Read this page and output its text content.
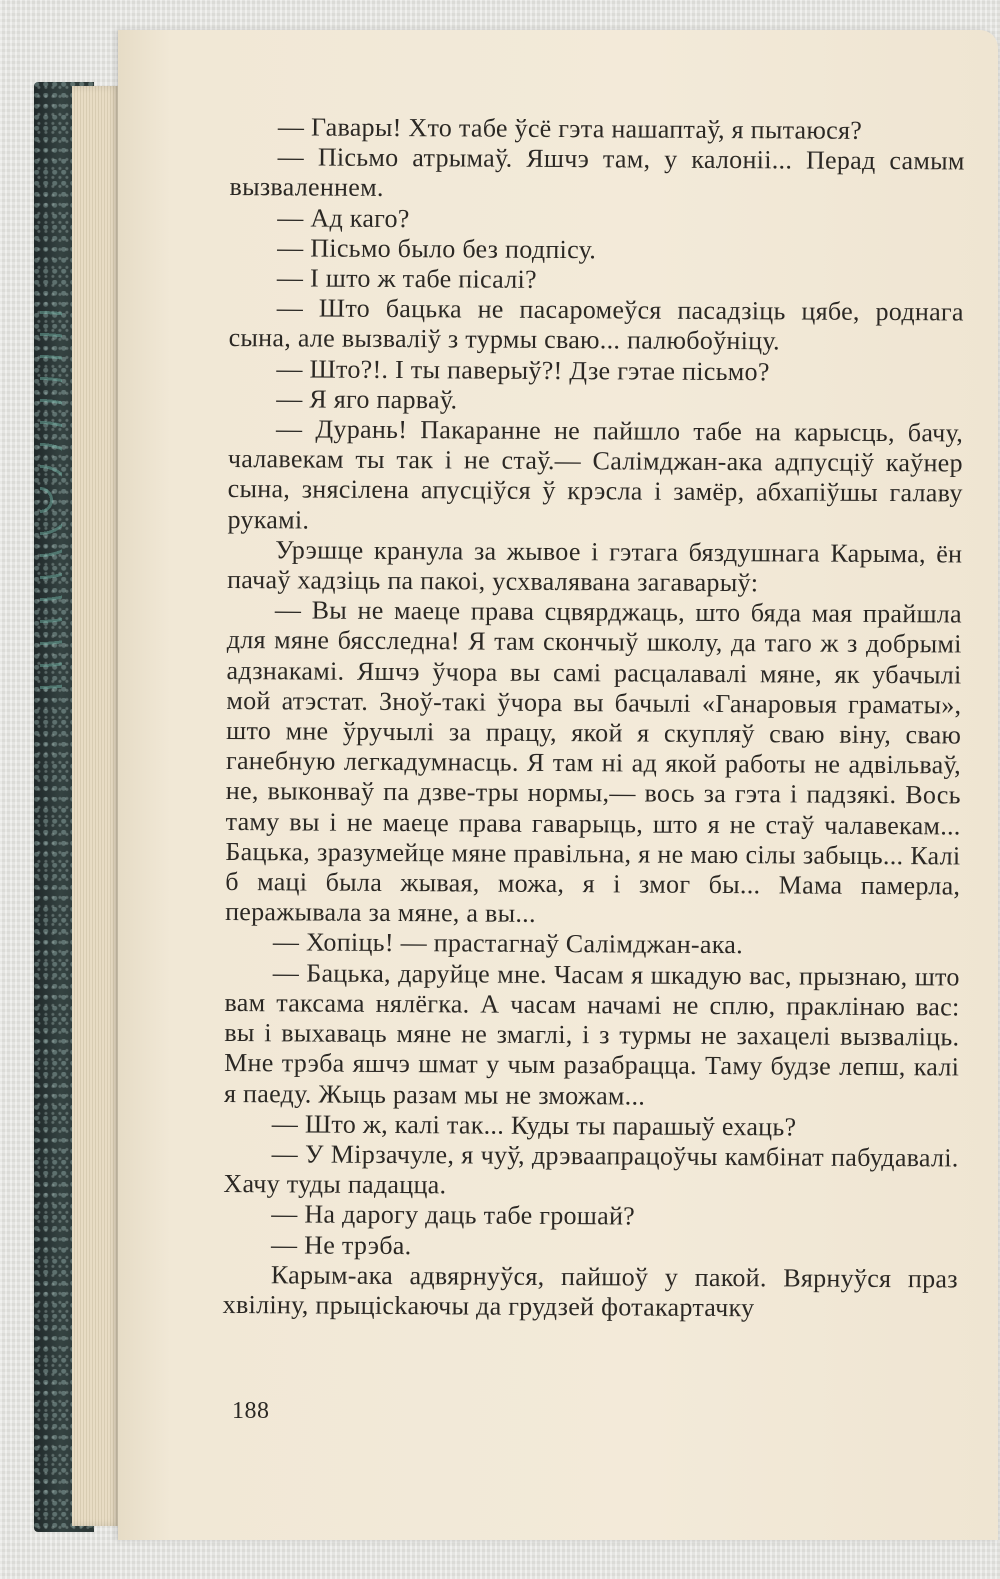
— Гавары! Хто табе ўсё гэта нашаптаў, я пытаюся?

— Пісьмо атрымаў. Яшчэ там, у калоніі... Перад самым вызваленнем.

— Ад каго?

— Пісьмо было без подпісу.

— І што ж табе пісалі?

— Што бацька не пасаромеўся пасадзіць цябе, роднага сына, але вызваліў з турмы сваю... палюбоўніцу.

— Што?!. І ты паверыў?! Дзе гэтае пісьмо?

— Я яго парваў.

— Дурань! Пакаранне не пайшло табе на карысць, бачу, чалавекам ты так і не стаў.— Салімджан-ака адпусціў каўнер сына, знясілена апусціўся ў крэсла і замёр, абхапіўшы галаву рукамі.

Урэшце кранула за жывое і гэтага бяздушнага Карыма, ён пачаў хадзіць па пакоі, усхвалявана загаварыў:

— Вы не маеце права сцвярджаць, што бяда мая прайшла для мяне бясследна! Я там скончыў школу, да таго ж з добрымі адзнакамі. Яшчэ ўчора вы самі расцалавалі мяне, як убачылі мой атэстат. Зноў-такі ўчора вы бачылі «Ганаровыя граматы», што мне ўручылі за працу, якой я скупляў сваю віну, сваю ганебную легкадумнасць. Я там ні ад якой работы не адвільваў, не, выконваў па дзве-тры нормы,— вось за гэта і падзякі. Вось таму вы і не маеце права гаварыць, што я не стаў чалавекам... Бацька, зразумейце мяне правільна, я не маю сілы забыць... Калі б маці была жывая, можа, я і змог бы... Мама памерла, перажывала за мяне, а вы...

— Хопіць! — прастагнаў Салімджан-ака.

— Бацька, даруйце мне. Часам я шкадую вас, прызнаю, што вам таксама нялёгка. А часам начамі не сплю, праклінаю вас: вы і выхаваць мяне не змаглі, і з турмы не захацелі вызваліць. Мне трэба яшчэ шмат у чым разабрацца. Таму будзе лепш, калі я паеду. Жыць разам мы не зможам...

— Што ж, калі так... Куды ты парашыў ехаць?

— У Мірзачуле, я чуў, дрэваапрацоўчы камбінат пабудавалі. Хачу туды падацца.

— На дарогу даць табе грошай?

— Не трэба.

Карым-ака адвярнуўся, пайшоў у пакой. Вярнуўся праз хвіліну, прыцісkаючы да грудзей фотакартачку

188
